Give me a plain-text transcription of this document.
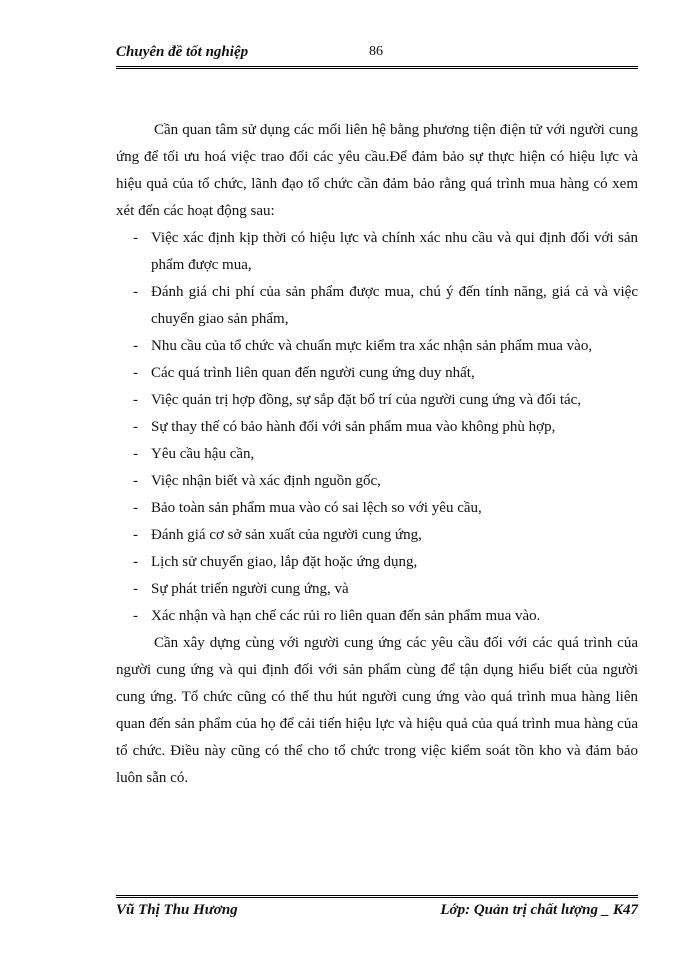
Chuyên đề tốt nghiệp	86

Cần quan tâm sử dụng các mối liên hệ bằng phương tiện điện tử với người cung ứng để tối ưu hoá việc trao đổi các yêu cầu.Để đảm bảo sự thực hiện có hiệu lực và hiệu quả của tổ chức, lãnh đạo tổ chức cần đảm bảo rằng quá trình mua hàng có xem xét đến các hoạt động sau:

- Việc xác định kịp thời có hiệu lực và chính xác nhu cầu và qui định đối với sản phẩm được mua,
- Đánh giá chi phí của sản phẩm được mua, chú ý đến tính năng, giá cả và việc chuyển giao sản phẩm,
- Nhu cầu của tổ chức và chuẩn mực kiểm tra xác nhận sản phẩm mua vào,
- Các quá trình liên quan đến người cung ứng duy nhất,
- Việc quản trị hợp đồng, sự sắp đặt bố trí của người cung ứng và đối tác,
- Sự thay thế có bảo hành đối với sản phẩm mua vào không phù hợp,
- Yêu cầu hậu cần,
- Việc nhận biết và xác định nguồn gốc,
- Bảo toàn sản phẩm mua vào có sai lệch so với yêu cầu,
- Đánh giá cơ sở sản xuất của người cung ứng,
- Lịch sử chuyển giao, lắp đặt hoặc ứng dụng,
- Sự phát triển người cung ứng, và
- Xác nhận và hạn chế các rủi ro liên quan đến sản phẩm mua vào.

Cần xây dựng cùng với người cung ứng các yêu cầu đối với các quá trình của người cung ứng và qui định đối với sản phẩm cùng để tận dụng hiểu biết của người cung ứng. Tổ chức cũng có thể thu hút người cung ứng vào quá trình mua hàng liên quan đến sản phẩm của họ để cải tiến hiệu lực và hiệu quả của quá trình mua hàng của tổ chức. Điều này cũng có thể cho tổ chức trong việc kiểm soát tồn kho và đảm bảo luôn sẵn có.

Vũ Thị Thu Hương	Lớp: Quản trị chất lượng _ K47
